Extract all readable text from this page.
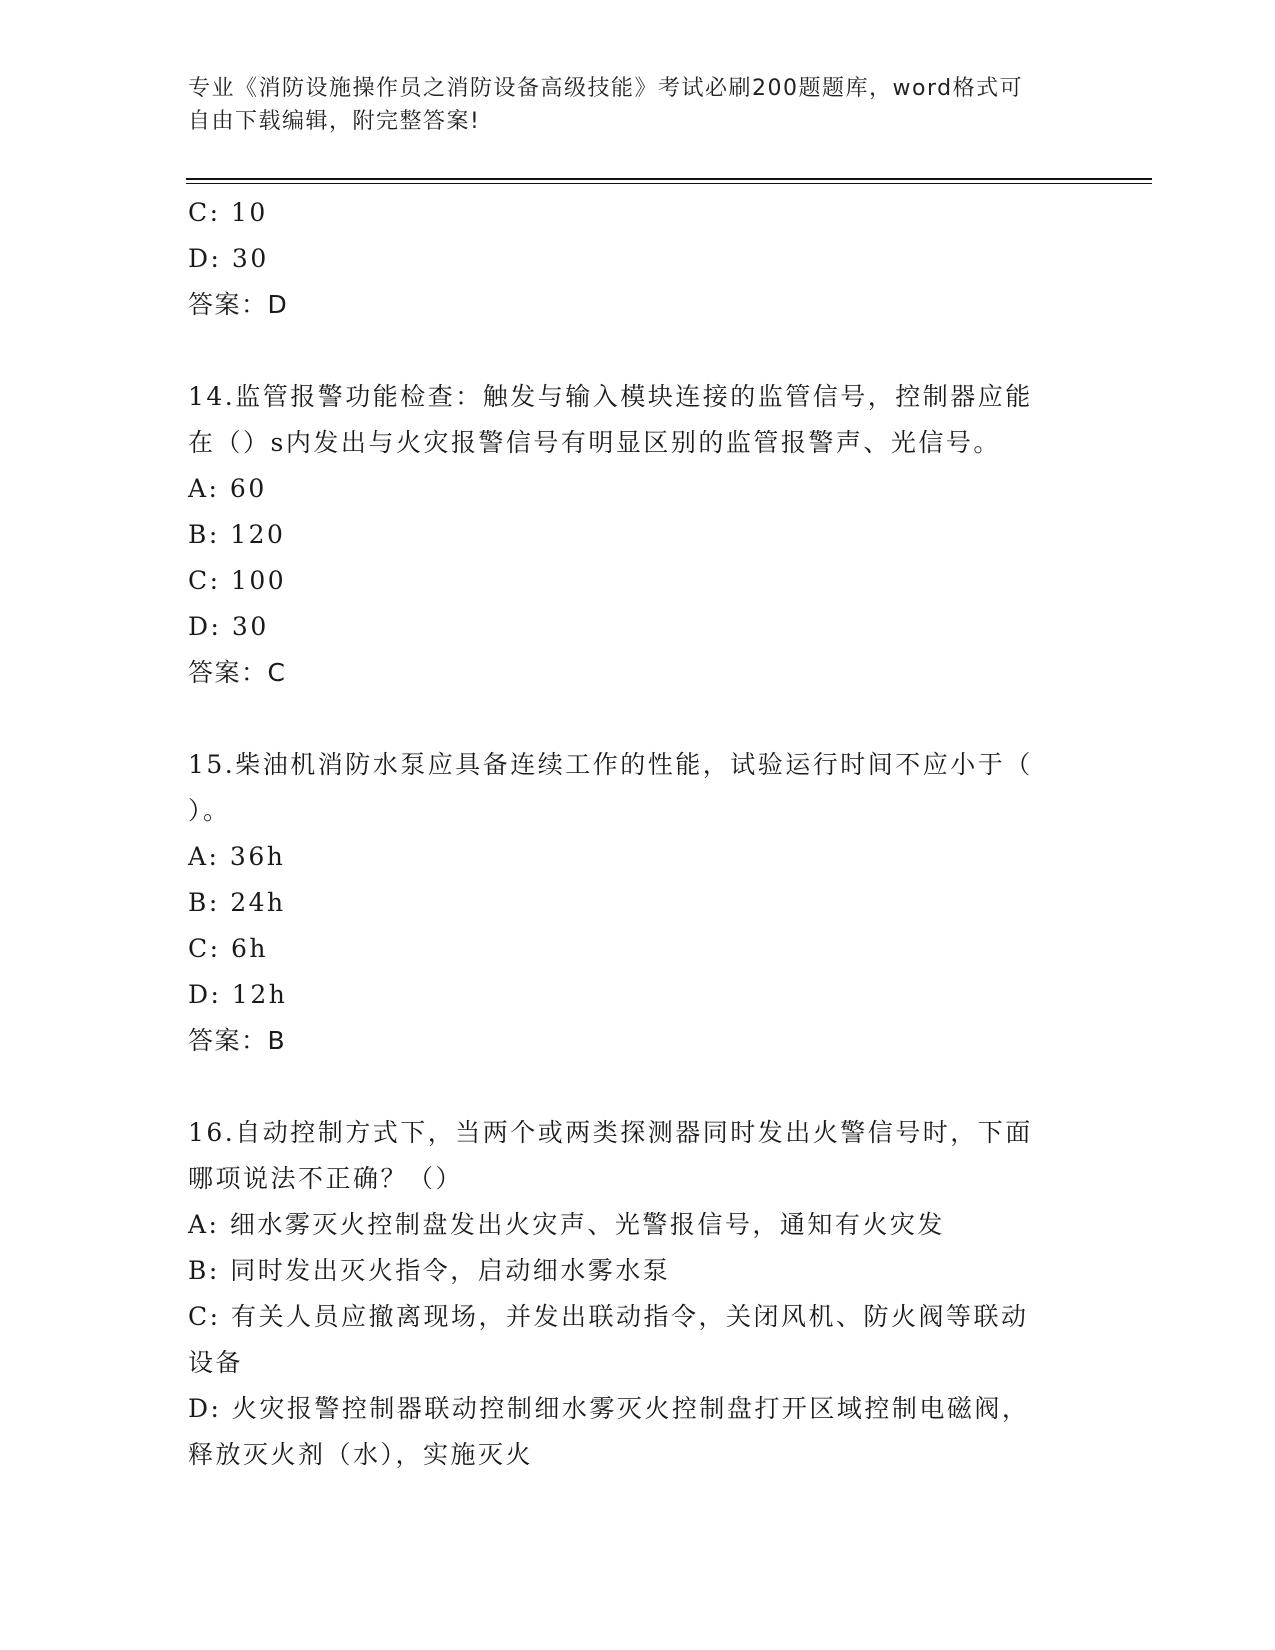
专业《消防设施操作员之消防设备高级技能》考试必刷200题题库，word格式可
自由下载编辑，附完整答案!

C: 10

D: 30

答案：D

14.监管报警功能检查：触发与输入模块连接的监管信号，控制器应能

在（）s内发出与火灾报警信号有明显区别的监管报警声、光信号。

A: 60

B: 120

C: 100

D: 30

答案：C

15.柴油机消防水泵应具备连续工作的性能，试验运行时间不应小于（

）。

A: 36h

B: 24h

C: 6h

D: 12h

答案：B

16.自动控制方式下，当两个或两类探测器同时发出火警信号时，下面

哪项说法不正确？（）

A: 细水雾灭火控制盘发出火灾声、光警报信号，通知有火灾发

B: 同时发出灭火指令，启动细水雾水泵

C: 有关人员应撤离现场，并发出联动指令，关闭风机、防火阀等联动

设备

D: 火灾报警控制器联动控制细水雾灭火控制盘打开区域控制电磁阀，

释放灭火剂（水），实施灭火
